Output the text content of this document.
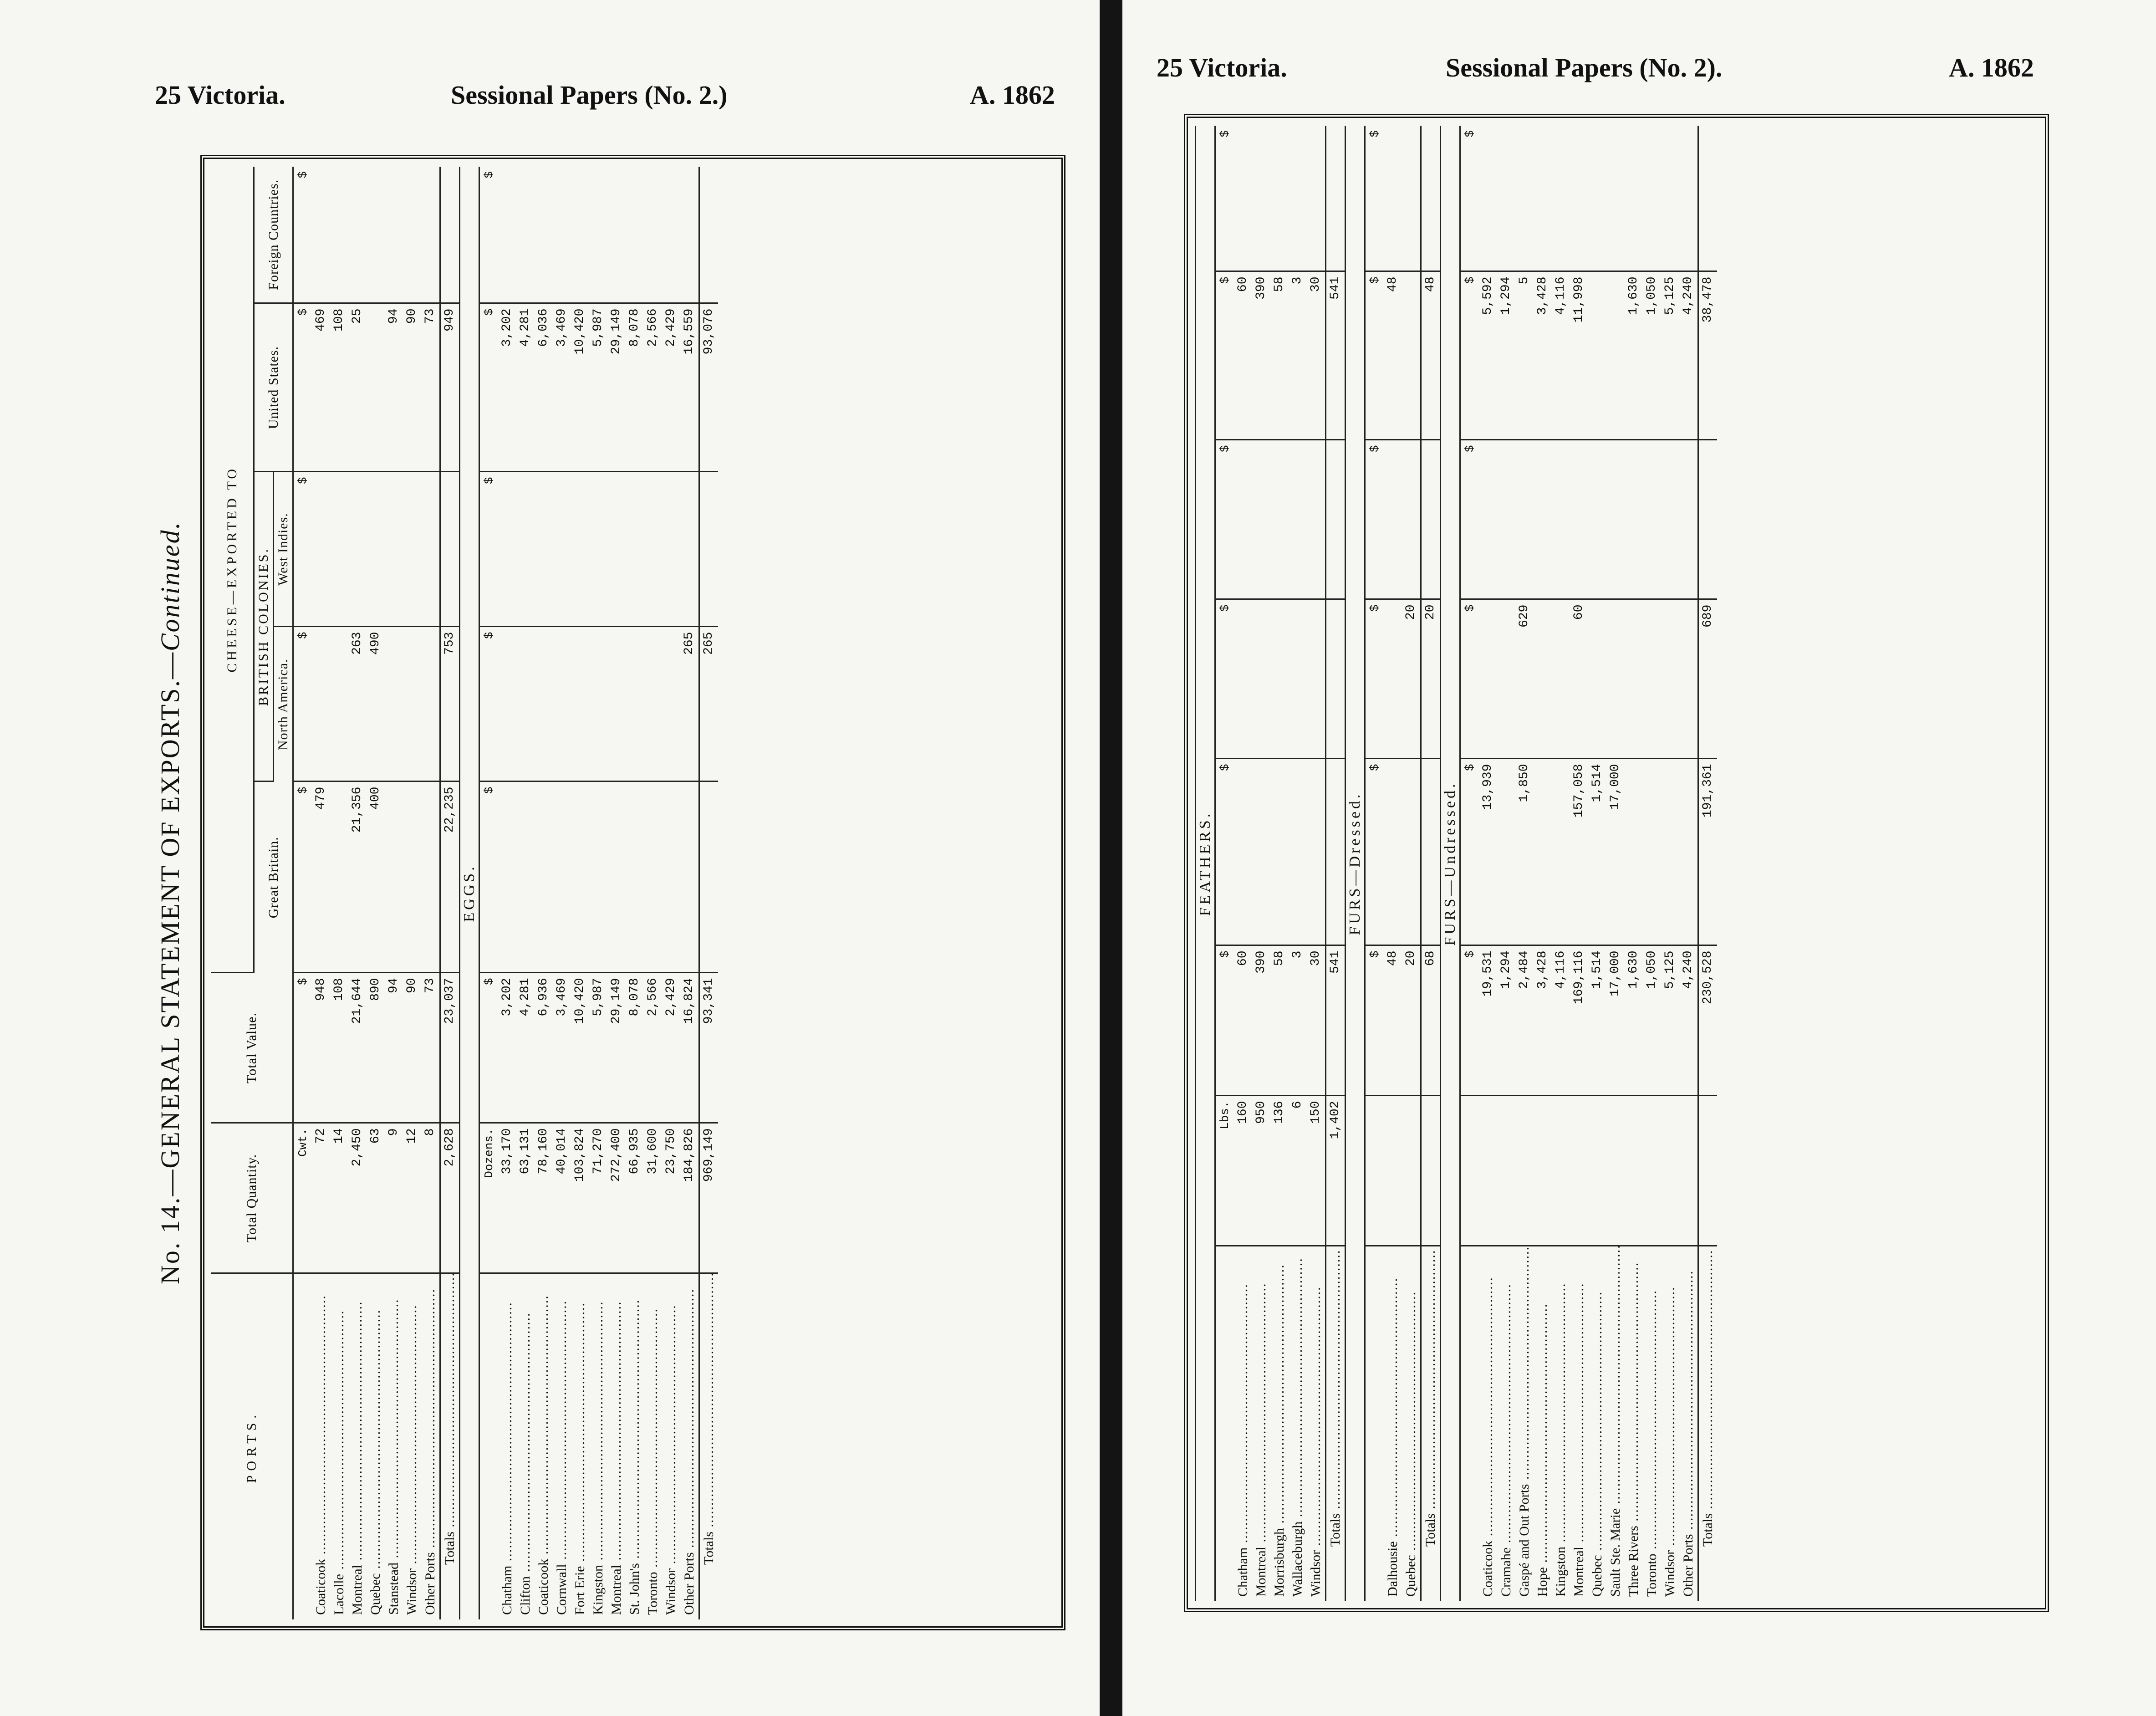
25 Victoria.	Sessional Papers (No. 2.)	A. 1862
No. 14.—GENERAL STATEMENT OF EXPORTS.—Continued.
PORTS.	Total Quantity.	Total Value.	CHEESE—EXPORTED TO				
			Great Britain.	BRITISH COLONIES.		United States.	Foreign Countries.
				North America.	West Indies.		
	Cwt.	$	$	$	$	$	$
Coaticook .....	72	948	479			469	
Lacolle .....	14	108				108	
Montreal .....	2,450	21,644	21,356	263		25	
Quebec .....	63	890	400	490			
Stanstead .....	9	94				94	
Windsor .....	12	90				90	
Other Ports .....	8	73				73	
Totals .....	2,628	23,037	22,235	753		949	
EGGS.							
	Dozens.	$	$	$	$	$	$
Chatham .....	33,170	3,202				3,202	
Clifton .....	63,131	4,281				4,281	
Coaticook .....	78,160	6,936				6,036	
Cornwall .....	40,014	3,469				3,469	
Fort Erie .....	103,824	10,420				10,420	
Kingston .....	71,270	5,987				5,987	
Montreal .....	272,400	29,149				29,149	
St. John's .....	66,935	8,078				8,078	
Toronto .....	31,600	2,566				2,566	
Windsor .....	23,750	2,429				2,429	
Other Ports .....	184,826	16,824		265		16,559	
Totals .....	969,149	93,341		265		93,076	
25 Victoria.	Sessional Papers (No. 2).	A. 1862
FEATHERS.							
	Lbs.	$	$	$	$	$	$
Chatham .....	160	60				60	
Montreal .....	950	390				390	
Morrisburgh .....	136	58				58	
Wallaceburgh .....	6	3				3	
Windsor .....	150	30				30	
Totals .....	1,402	541				541	
FURS—Dressed.							
		$	$	$	$	$	$
Dalhousie .....		48				48	
Quebec .....		20		20			
Totals .....		68		20		48	
FURS—Undressed.							
		$	$	$	$	$	$
Coaticook .....		19,531	13,939			5,592	
Cramahe .....		1,294				1,294	
Gaspé and Out Ports .....		2,484	1,850	629		5	
Hope .....		3,428				3,428	
Kingston .....		4,116				4,116	
Montreal .....		169,116	157,058	60		11,998	
Quebec .....		1,514	1,514				
Sault Ste. Marie .....		17,000	17,000				
Three Rivers .....		1,630				1,630	
Toronto .....		1,050				1,050	
Windsor .....		5,125				5,125	
Other Ports .....		4,240				4,240	
Totals .....		230,528	191,361	689		38,478	
